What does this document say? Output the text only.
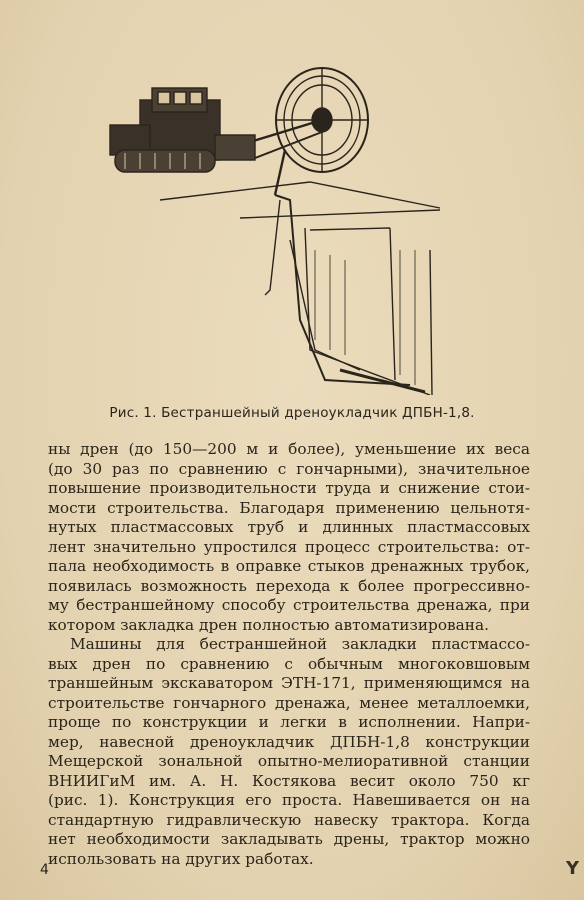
Рис. 1. Бестраншейный дреноукладчик ДПБН-1,8.
ны дрен (до 150—200 м и более), уменьшение их веса
(до 30 раз по сравнению с гончарными), значительное
повышение производительности труда и снижение стои-
мости строительства. Благодаря применению цельнотя-
нутых пластмассовых труб и длинных пластмассовых
лент значительно упростился процесс строительства: от-
пала необходимость в оправке стыков дренажных трубок,
появилась возможность перехода к более прогрессивно-
му бестраншейному способу строительства дренажа, при
котором закладка дрен полностью автоматизирована.
Машины для бестраншейной закладки пластмассо-
вых дрен по сравнению с обычным многоковшовым
траншейным экскаватором ЭТН-171, применяющимся на
строительстве гончарного дренажа, менее металлоемки,
проще по конструкции и легки в исполнении. Напри-
мер, навесной дреноукладчик ДПБН-1,8 конструкции
Мещерской зональной опытно-мелиоративной станции
ВНИИГиМ им. А. Н. Костякова весит около 750 кг
(рис. 1). Конструкция его проста. Навешивается он на
стандартную гидравлическую навеску трактора. Когда
нет необходимости закладывать дрены, трактор можно
использовать на других работах.
4	Y
